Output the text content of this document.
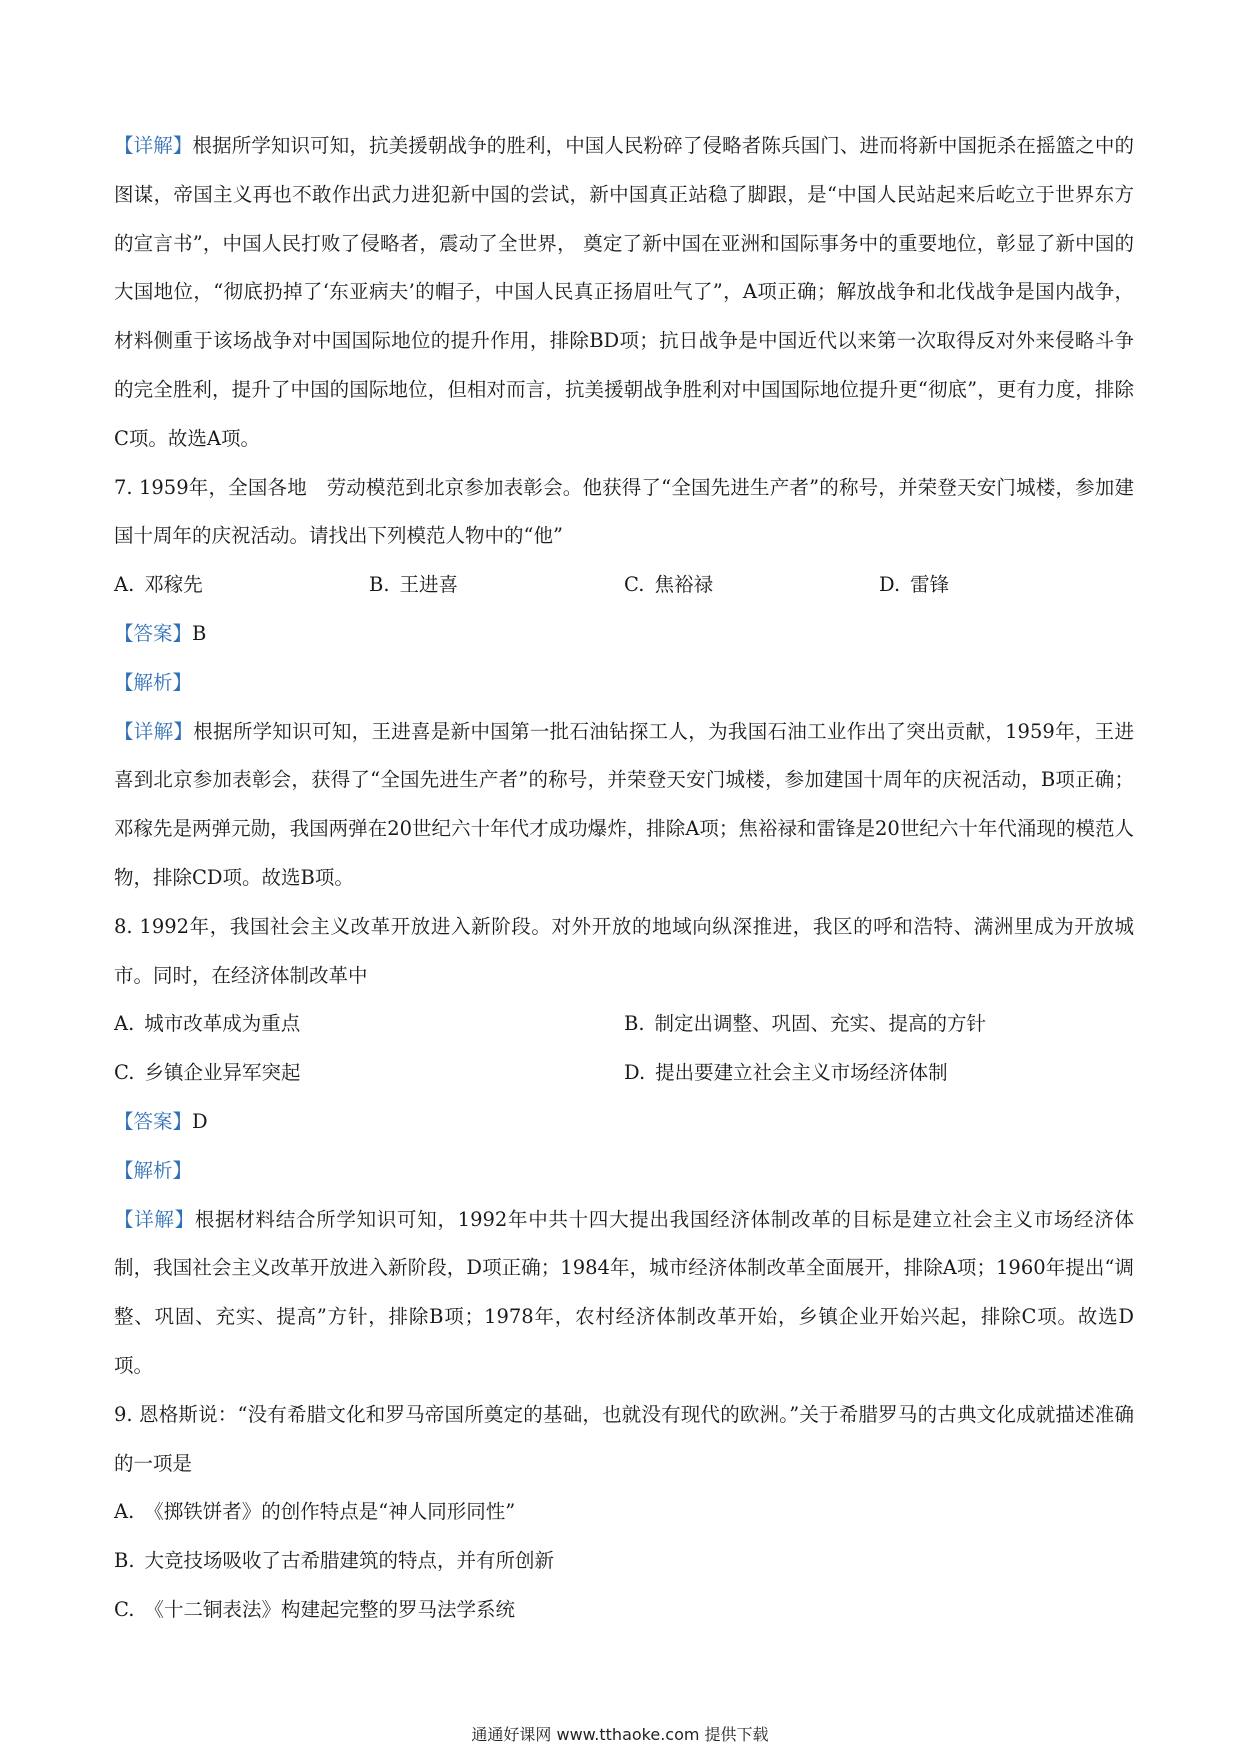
【详解】根据所学知识可知，抗美援朝战争的胜利，中国人民粉碎了侵略者陈兵国门、进而将新中国扼杀在摇篮之中的图谋，帝国主义再也不敢作出武力进犯新中国的尝试，新中国真正站稳了脚跟，是“中国人民站起来后屹立于世界东方的宣言书”，中国人民打败了侵略者，震动了全世界， 奠定了新中国在亚洲和国际事务中的重要地位，彰显了新中国的大国地位，“彻底扔掉了‘东亚病夫’的帽子，中国人民真正扬眉吐气了”，A项正确；解放战争和北伐战争是国内战争，材料侧重于该场战争对中国国际地位的提升作用，排除BD项；抗日战争是中国近代以来第一次取得反对外来侵略斗争的完全胜利，提升了中国的国际地位，但相对而言，抗美援朝战争胜利对中国国际地位提升更“彻底”，更有力度，排除C项。故选A项。

7. 1959年，全国各地　劳动模范到北京参加表彰会。他获得了“全国先进生产者”的称号，并荣登天安门城楼，参加建国十周年的庆祝活动。请找出下列模范人物中的“他”

A. 邓稼先	B. 王进喜	C. 焦裕禄	D. 雷锋

【答案】B

【解析】

【详解】根据所学知识可知，王进喜是新中国第一批石油钻探工人，为我国石油工业作出了突出贡献，1959年，王进喜到北京参加表彰会，获得了“全国先进生产者”的称号，并荣登天安门城楼，参加建国十周年的庆祝活动，B项正确；邓稼先是两弹元勋，我国两弹在20世纪六十年代才成功爆炸，排除A项；焦裕禄和雷锋是20世纪六十年代涌现的模范人物，排除CD项。故选B项。

8. 1992年，我国社会主义改革开放进入新阶段。对外开放的地域向纵深推进，我区的呼和浩特、满洲里成为开放城市。同时，在经济体制改革中

A. 城市改革成为重点	B. 制定出调整、巩固、充实、提高的方针
C. 乡镇企业异军突起	D. 提出要建立社会主义市场经济体制

【答案】D

【解析】

【详解】根据材料结合所学知识可知，1992年中共十四大提出我国经济体制改革的目标是建立社会主义市场经济体制，我国社会主义改革开放进入新阶段，D项正确；1984年，城市经济体制改革全面展开，排除A项；1960年提出“调整、巩固、充实、提高”方针，排除B项；1978年，农村经济体制改革开始，乡镇企业开始兴起，排除C项。故选D项。

9. 恩格斯说：“没有希腊文化和罗马帝国所奠定的基础，也就没有现代的欧洲。”关于希腊罗马的古典文化成就描述准确的一项是

A. 《掷铁饼者》的创作特点是“神人同形同性”

B. 大竞技场吸收了古希腊建筑的特点，并有所创新

C. 《十二铜表法》构建起完整的罗马法学系统

通通好课网 www.tthaoke.com 提供下载
